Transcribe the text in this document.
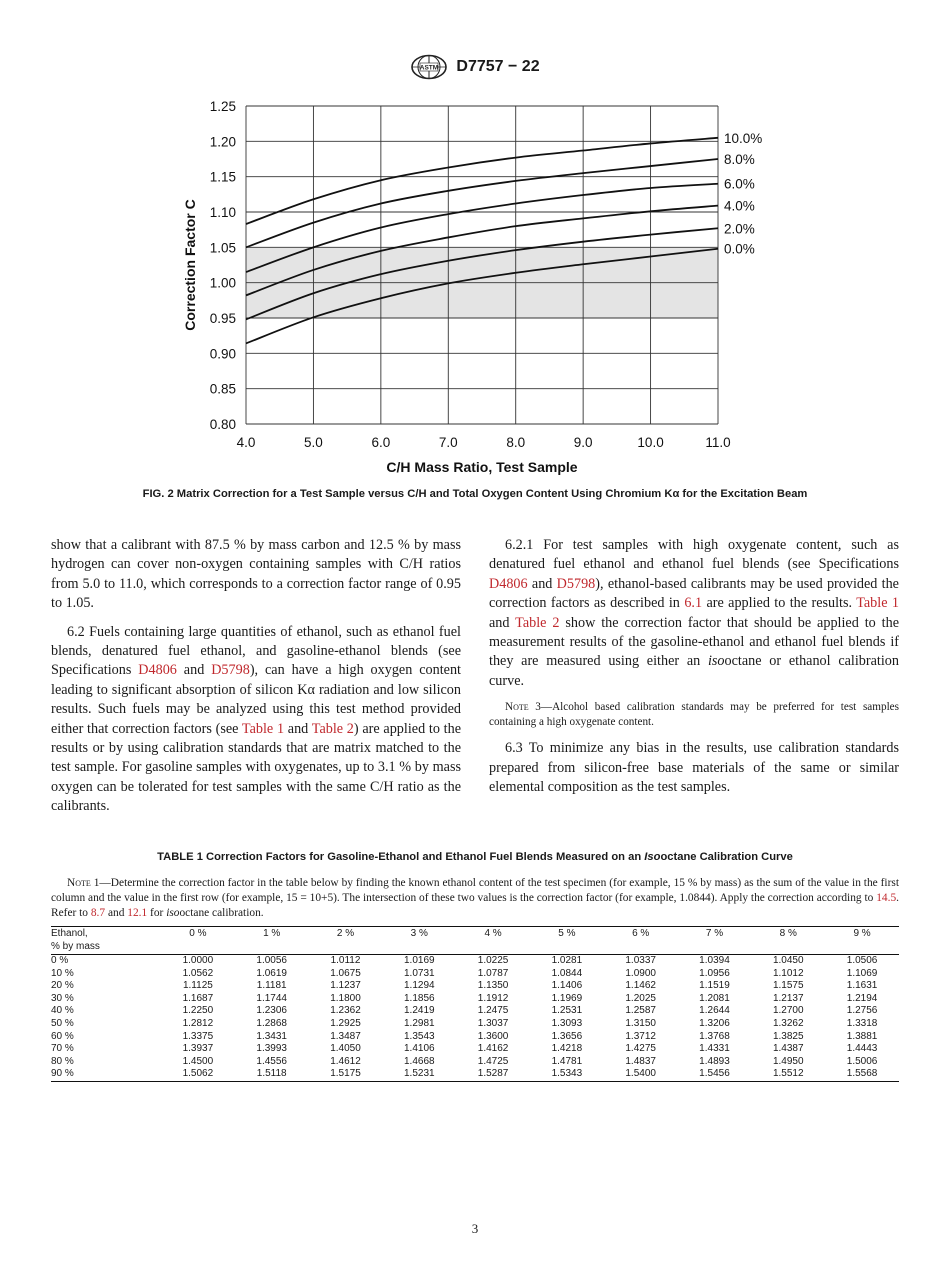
ASTM D7757 − 22
0.80
0.85
0.90
0.95
1.00
1.05
1.10
1.15
1.20
1.25
4.0	5.0	6.0	7.0	8.0	9.0	10.0	11.0
10.0%
8.0%
6.0%
4.0%
2.0%
0.0%
C/H Mass Ratio, Test Sample
Correction Factor C
FIG. 2 Matrix Correction for a Test Sample versus C/H and Total Oxygen Content Using Chromium Kα for the Excitation Beam

show that a calibrant with 87.5 % by mass carbon and 12.5 % by mass hydrogen can cover non-oxygen containing samples with C/H ratios from 5.0 to 11.0, which corresponds to a correction factor range of 0.95 to 1.05.

6.2 Fuels containing large quantities of ethanol, such as ethanol fuel blends, denatured fuel ethanol, and gasoline-ethanol blends (see Specifications D4806 and D5798), can have a high oxygen content leading to significant absorption of silicon Kα radiation and low silicon results. Such fuels may be analyzed using this test method provided either that correction factors (see Table 1 and Table 2) are applied to the results or by using calibration standards that are matrix matched to the test sample. For gasoline samples with oxygenates, up to 3.1 % by mass oxygen can be tolerated for test samples with the same C/H ratio as the calibrants.

6.2.1 For test samples with high oxygenate content, such as denatured fuel ethanol and ethanol fuel blends (see Specifications D4806 and D5798), ethanol-based calibrants may be used provided the correction factors as described in 6.1 are applied to the results. Table 1 and Table 2 show the correction factor that should be applied to the measurement results of the gasoline-ethanol and ethanol fuel blends if they are measured using either an isooctane or ethanol calibration curve.

Note 3—Alcohol based calibration standards may be preferred for test samples containing a high oxygenate content.

6.3 To minimize any bias in the results, use calibration standards prepared from silicon-free base materials of the same or similar elemental composition as the test samples.

TABLE 1 Correction Factors for Gasoline-Ethanol and Ethanol Fuel Blends Measured on an Isooctane Calibration Curve
Note 1—Determine the correction factor in the table below by finding the known ethanol content of the test specimen (for example, 15 % by mass) as the sum of the value in the first column and the value in the first row (for example, 15 = 10+5). The intersection of these two values is the correction factor (for example, 1.0844). Apply the correction according to 14.5. Refer to 8.7 and 12.1 for isooctane calibration.
Ethanol,
% by mass	0 %	1 %	2 %	3 %	4 %	5 %	6 %	7 %	8 %	9 %
0 %	1.0000	1.0056	1.0112	1.0169	1.0225	1.0281	1.0337	1.0394	1.0450	1.0506
10 %	1.0562	1.0619	1.0675	1.0731	1.0787	1.0844	1.0900	1.0956	1.1012	1.1069
20 %	1.1125	1.1181	1.1237	1.1294	1.1350	1.1406	1.1462	1.1519	1.1575	1.1631
30 %	1.1687	1.1744	1.1800	1.1856	1.1912	1.1969	1.2025	1.2081	1.2137	1.2194
40 %	1.2250	1.2306	1.2362	1.2419	1.2475	1.2531	1.2587	1.2644	1.2700	1.2756
50 %	1.2812	1.2868	1.2925	1.2981	1.3037	1.3093	1.3150	1.3206	1.3262	1.3318
60 %	1.3375	1.3431	1.3487	1.3543	1.3600	1.3656	1.3712	1.3768	1.3825	1.3881
70 %	1.3937	1.3993	1.4050	1.4106	1.4162	1.4218	1.4275	1.4331	1.4387	1.4443
80 %	1.4500	1.4556	1.4612	1.4668	1.4725	1.4781	1.4837	1.4893	1.4950	1.5006
90 %	1.5062	1.5118	1.5175	1.5231	1.5287	1.5343	1.5400	1.5456	1.5512	1.5568
3
